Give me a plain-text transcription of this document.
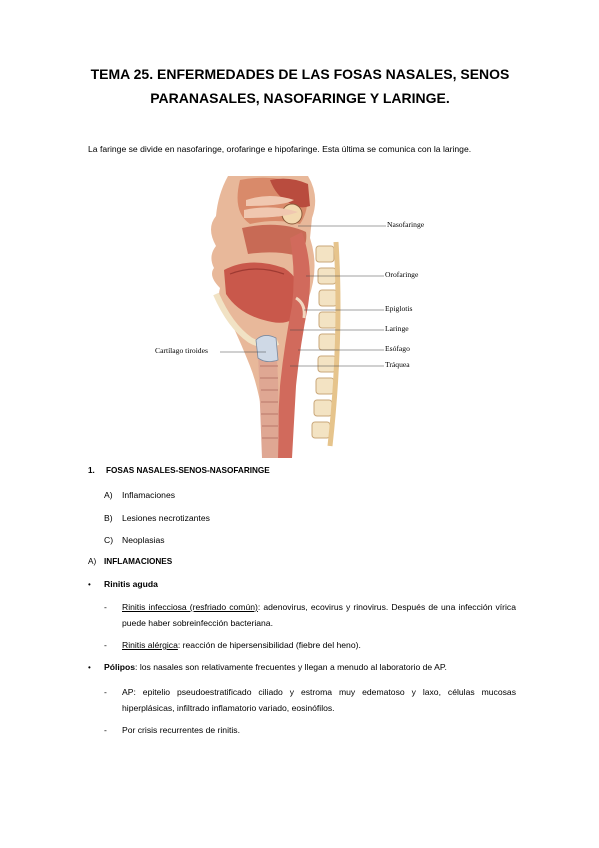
TEMA 25. ENFERMEDADES DE LAS FOSAS NASALES, SENOS
PARANASALES, NASOFARINGE Y LARINGE.
La faringe se divide en nasofaringe, orofaringe e hipofaringe. Esta última se comunica con la laringe.
Nasofaringe
Orofaringe
Epiglotis
Laringe
Esófago
Tráquea
Cartílago tiroides
1. FOSAS NASALES-SENOS-NASOFARINGE
A) Inflamaciones
B) Lesiones necrotizantes
C) Neoplasias
A) INFLAMACIONES
• Rinitis aguda
- Rinitis infecciosa (resfriado común): adenovirus, ecovirus y rinovirus. Después de una infección vírica puede haber sobreinfección bacteriana.
- Rinitis alérgica: reacción de hipersensibilidad (fiebre del heno).
• Pólipos: los nasales son relativamente frecuentes y llegan a menudo al laboratorio de AP.
- AP: epitelio pseudoestratificado ciliado y estroma muy edematoso y laxo, células mucosas hiperplásicas, infiltrado inflamatorio variado, eosinófilos.
- Por crisis recurrentes de rinitis.
